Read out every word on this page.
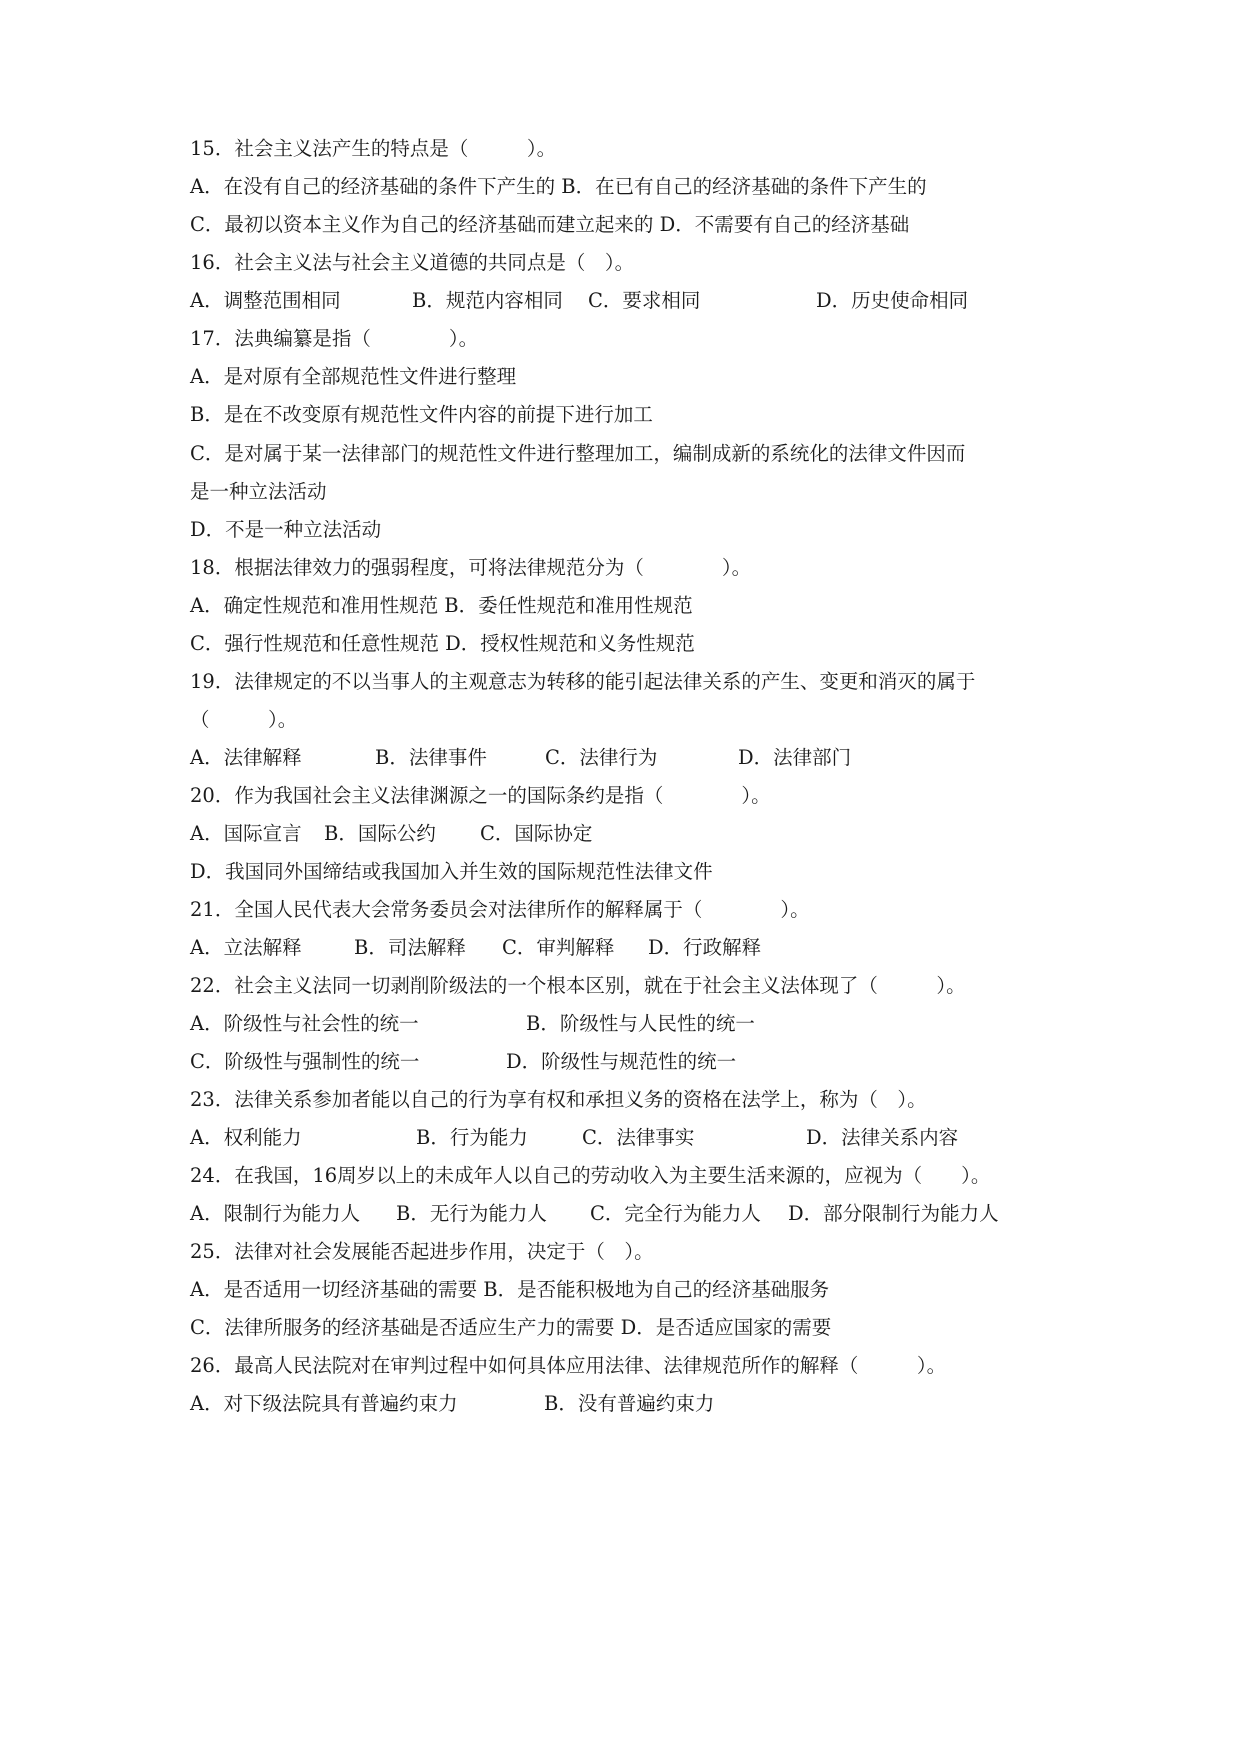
15．社会主义法产生的特点是（　　　）。
A．在没有自己的经济基础的条件下产生的 B．在已有自己的经济基础的条件下产生的
C．最初以资本主义作为自己的经济基础而建立起来的 D．不需要有自己的经济基础
16．社会主义法与社会主义道德的共同点是（　）。
A．调整范围相同	B．规范内容相同 C．要求相同	D．历史使命相同
17．法典编纂是指（　　　　）。
A．是对原有全部规范性文件进行整理
B．是在不改变原有规范性文件内容的前提下进行加工
C．是对属于某一法律部门的规范性文件进行整理加工，编制成新的系统化的法律文件因而
是一种立法活动
D．不是一种立法活动
18．根据法律效力的强弱程度，可将法律规范分为（　　　　）。
A．确定性规范和准用性规范 B．委任性规范和准用性规范
C．强行性规范和任意性规范 D．授权性规范和义务性规范
19．法律规定的不以当事人的主观意志为转移的能引起法律关系的产生、变更和消灭的属于
（　　　）。
A．法律解释	B．法律事件	C．法律行为	D．法律部门
20．作为我国社会主义法律渊源之一的国际条约是指（　　　　）。
A．国际宣言 B．国际公约 C．国际协定
D．我国同外国缔结或我国加入并生效的国际规范性法律文件
21．全国人民代表大会常务委员会对法律所作的解释属于（　　　　）。
A．立法解释	B．司法解释 C．审判解释 D．行政解释
22．社会主义法同一切剥削阶级法的一个根本区别，就在于社会主义法体现了（　　　）。
A．阶级性与社会性的统一	B．阶级性与人民性的统一
C．阶级性与强制性的统一	D．阶级性与规范性的统一
23．法律关系参加者能以自己的行为享有权和承担义务的资格在法学上，称为（　）。
A．权利能力	B．行为能力	C．法律事实	D．法律关系内容
24．在我国，16周岁以上的未成年人以自己的劳动收入为主要生活来源的，应视为（　　）。
A．限制行为能力人 B．无行为能力人 C．完全行为能力人 D．部分限制行为能力人
25．法律对社会发展能否起进步作用，决定于（　）。
A．是否适用一切经济基础的需要 B．是否能积极地为自己的经济基础服务
C．法律所服务的经济基础是否适应生产力的需要 D．是否适应国家的需要
26．最高人民法院对在审判过程中如何具体应用法律、法律规范所作的解释（　　　）。
A．对下级法院具有普遍约束力	B．没有普遍约束力
